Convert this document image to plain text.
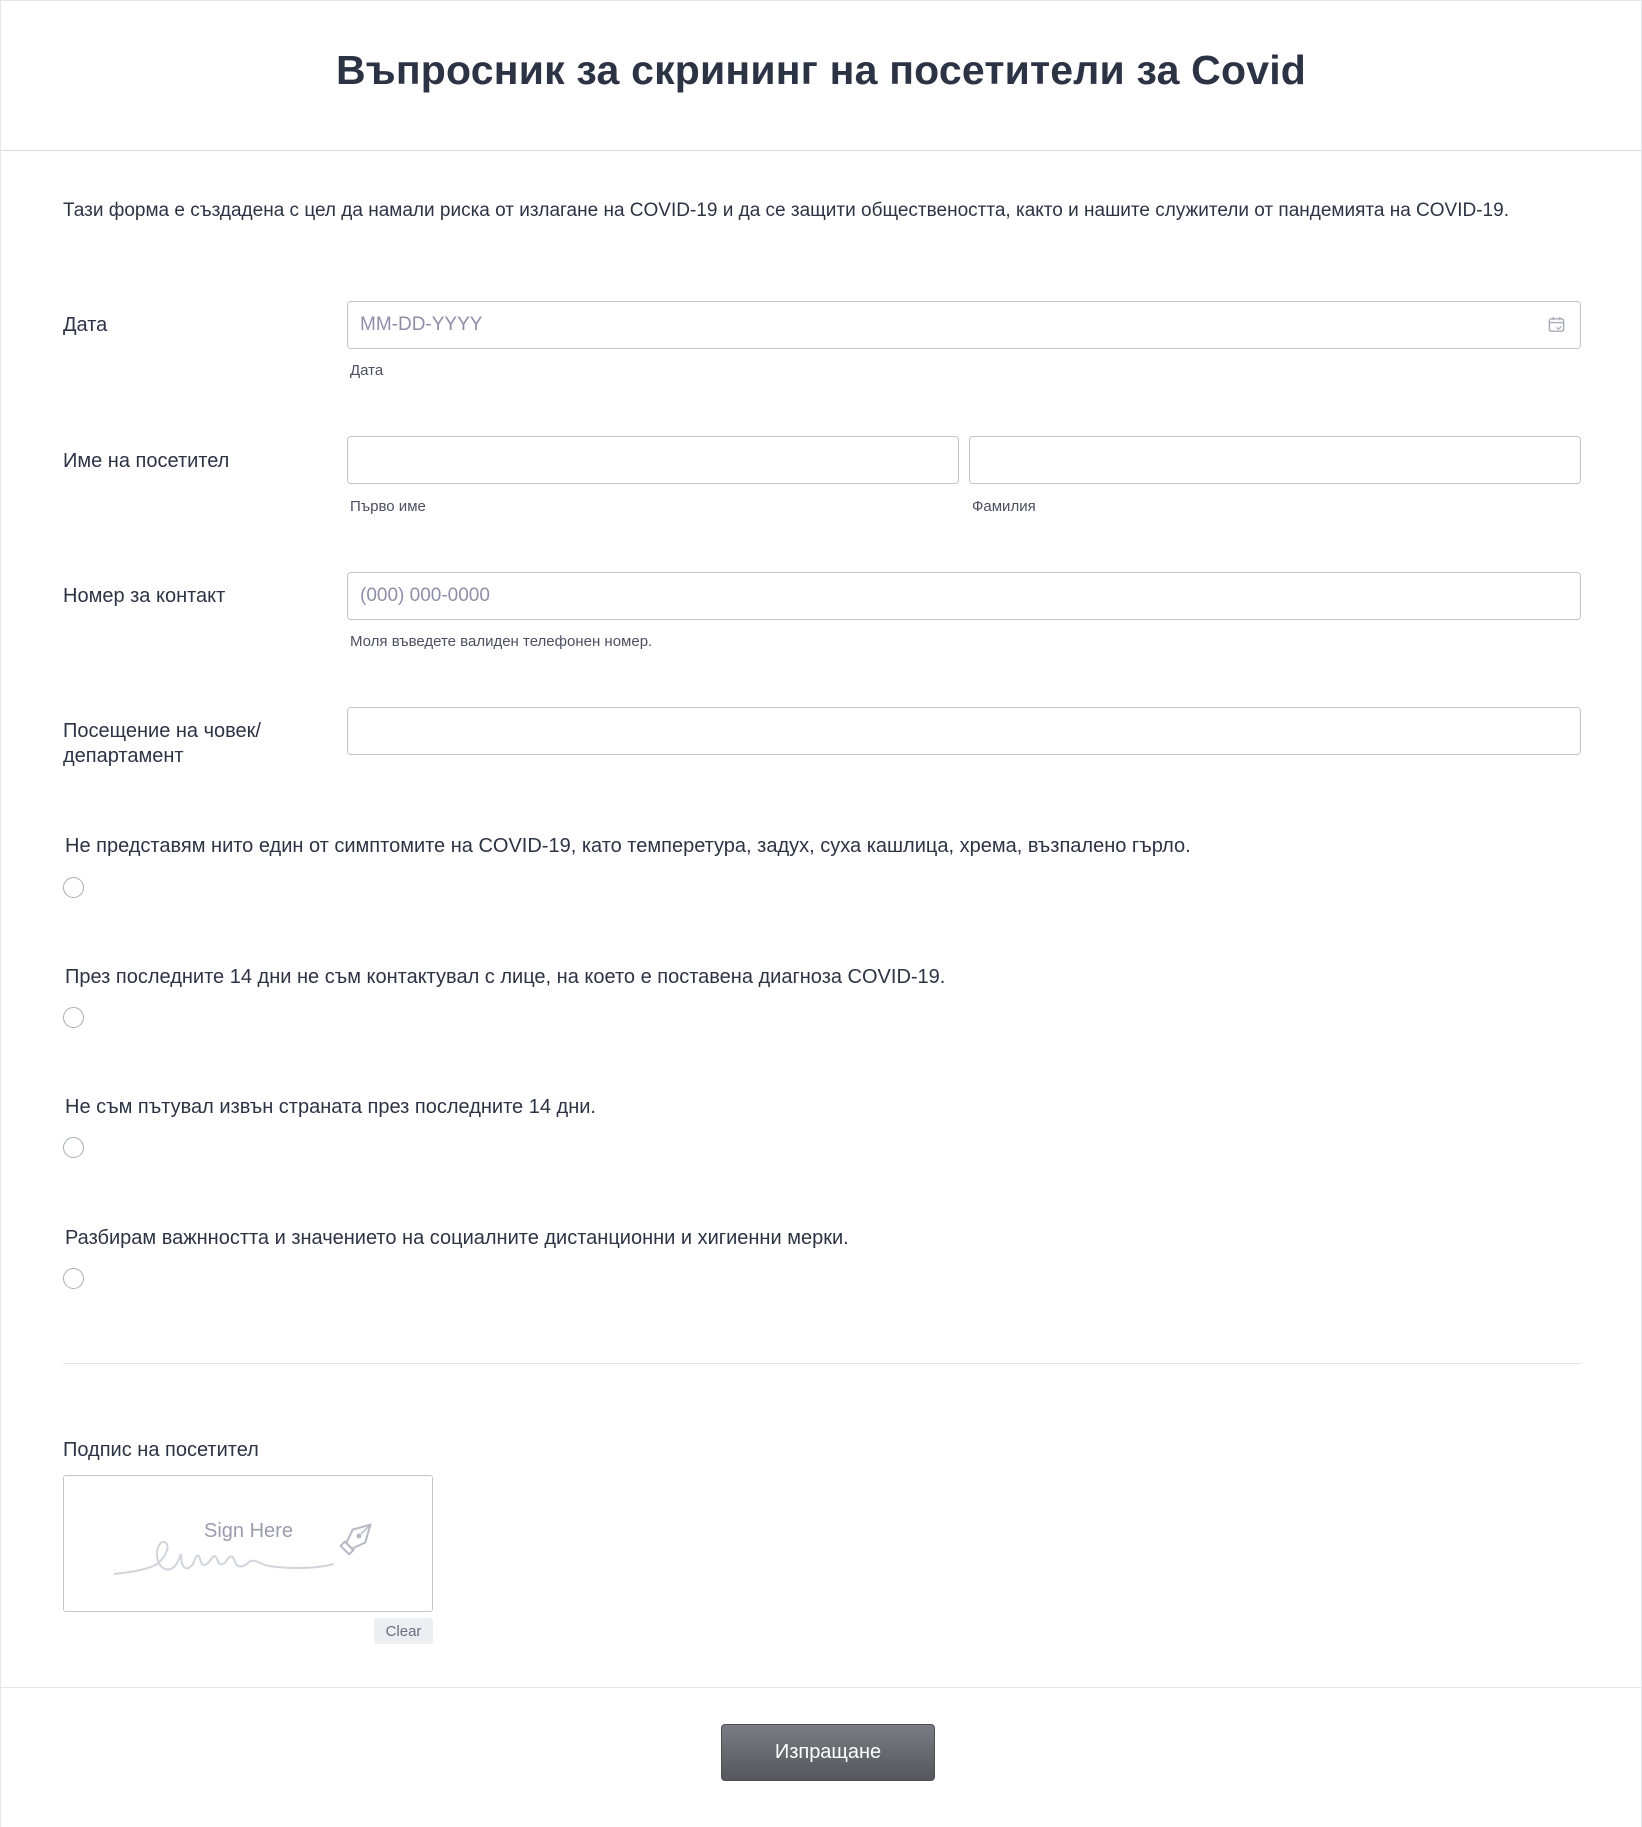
Въпросник за скрининг на посетители за Covid
Тази форма е създадена с цел да намали риска от излагане на COVID-19 и да се защити обществеността, както и нашите служители от пандемията на COVID-19.
Дата	MM-DD-YYYY
Дата
Име на посетител
Първо име	Фамилия
Номер за контакт	(000) 000-0000
Моля въведете валиден телефонен номер.
Посещение на човек/
департамент
Не представям нито един от симптомите на COVID-19, като темперетура, задух, суха кашлица, хрема, възпалено гърло.
През последните 14 дни не съм контактувал с лице, на което е поставена диагноза COVID-19.
Не съм пътувал извън страната през последните 14 дни.
Разбирам важнността и значението на социалните дистанционни и хигиенни мерки.
Подпис на посетител
Sign Here
Clear
Изпращане
